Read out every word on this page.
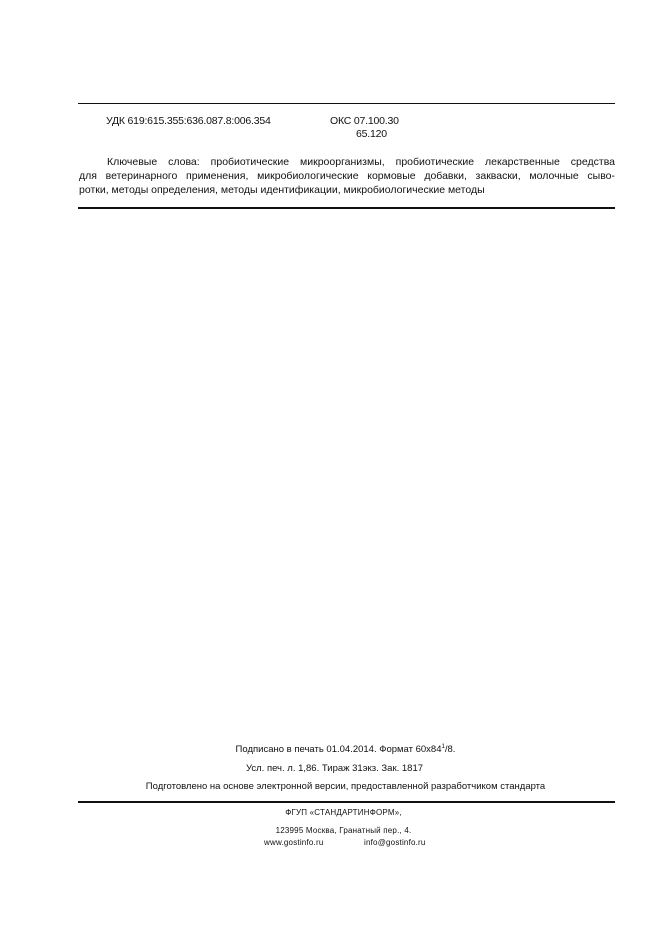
УДК 619:615.355:636.087.8:006.354	ОКС 07.100.30
65.120
Ключевые слова: пробиотические микроорганизмы, пробиотические лекарственные средства
для ветеринарного применения, микробиологические кормовые добавки, закваски, молочные сыво-
ротки, методы определения, методы идентификации, микробиологические методы
Подписано в печать 01.04.2014. Формат $60х84^1/8$.
Усл. печ. л. 1,86. Тираж 31экз. Зак. 1817
Подготовлено на основе электронной версии, предоставленной разработчиком стандарта
ФГУП «СТАНДАРТИНФОРМ»,
123995 Москва, Гранатный пер., 4.
www.gostinfo.ru	info@gostinfo.ru
